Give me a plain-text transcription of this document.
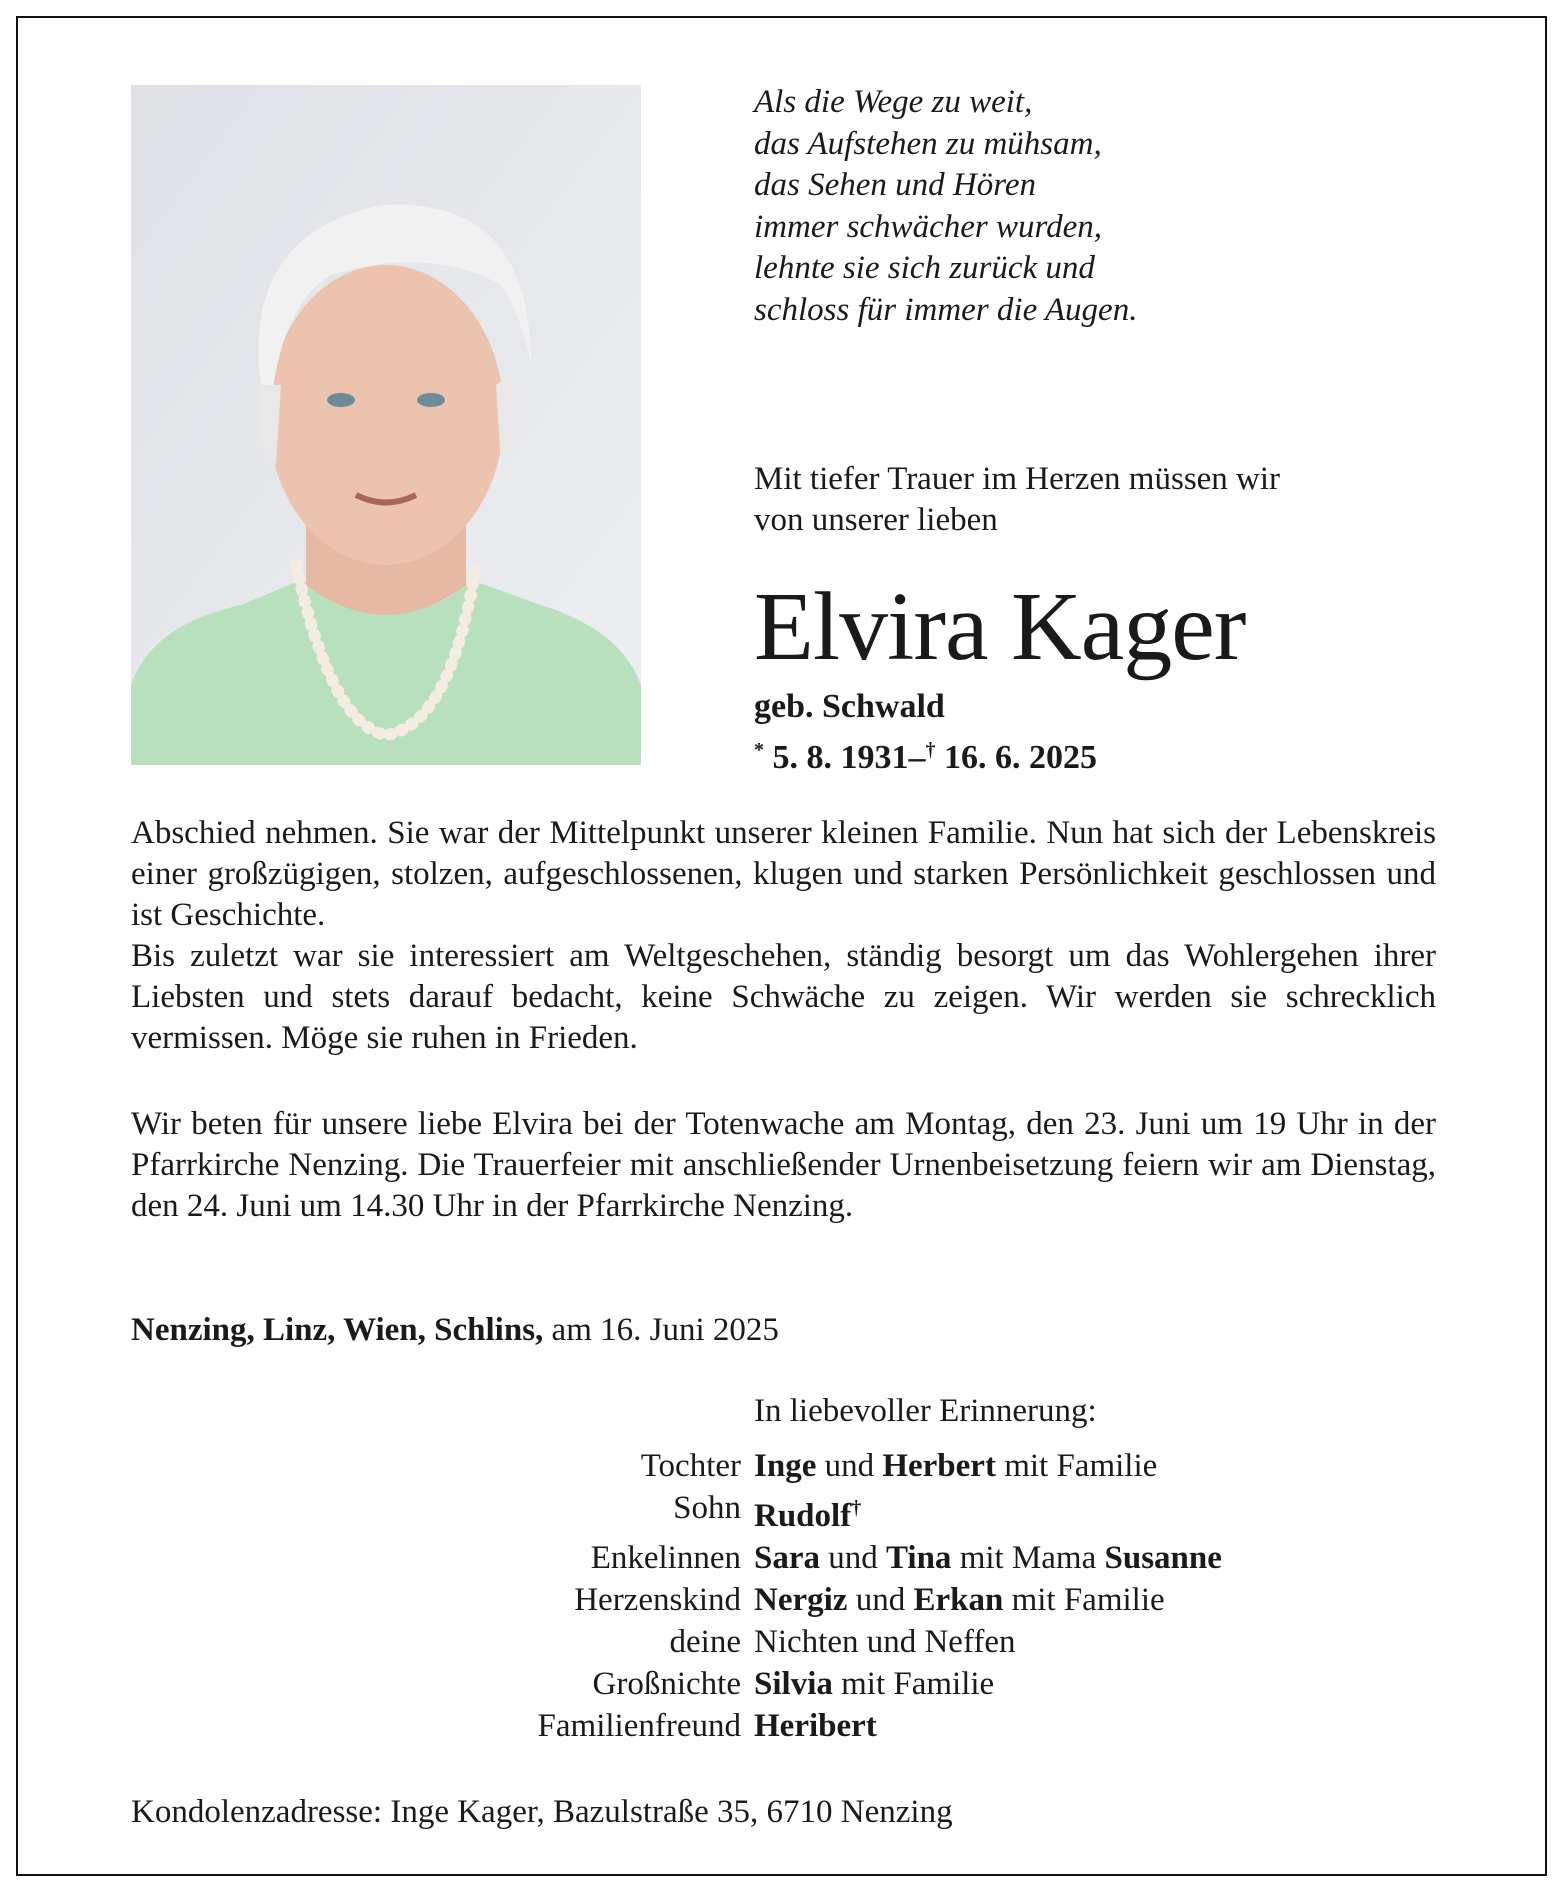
Als die Wege zu weit,
das Aufstehen zu mühsam,
das Sehen und Hören
immer schwächer wurden,
lehnte sie sich zurück und
schloss für immer die Augen.
Mit tiefer Trauer im Herzen müssen wir
von unserer lieben
Elvira Kager
geb. Schwald
* 5. 8. 1931–† 16. 6. 2025
Abschied nehmen. Sie war der Mittelpunkt unserer kleinen Familie. Nun hat sich der Lebenskreis einer großzügigen, stolzen, aufgeschlossenen, klugen und starken Persönlichkeit geschlossen und ist Geschichte.
Bis zuletzt war sie interessiert am Weltgeschehen, ständig besorgt um das Wohlergehen ihrer Liebsten und stets darauf bedacht, keine Schwäche zu zeigen. Wir werden sie schrecklich vermissen. Möge sie ruhen in Frieden.
Wir beten für unsere liebe Elvira bei der Totenwache am Montag, den 23. Juni um 19 Uhr in der Pfarrkirche Nenzing. Die Trauerfeier mit anschließender Urnenbeisetzung feiern wir am Dienstag, den 24. Juni um 14.30 Uhr in der Pfarrkirche Nenzing.
Nenzing, Linz, Wien, Schlins, am 16. Juni 2025
In liebevoller Erinnerung:
Tochter Inge und Herbert mit Familie
Sohn Rudolf†
Enkelinnen Sara und Tina mit Mama Susanne
Herzenskind Nergiz und Erkan mit Familie
deine Nichten und Neffen
Großnichte Silvia mit Familie
Familienfreund Heribert
Kondolenzadresse: Inge Kager, Bazulstraße 35, 6710 Nenzing
